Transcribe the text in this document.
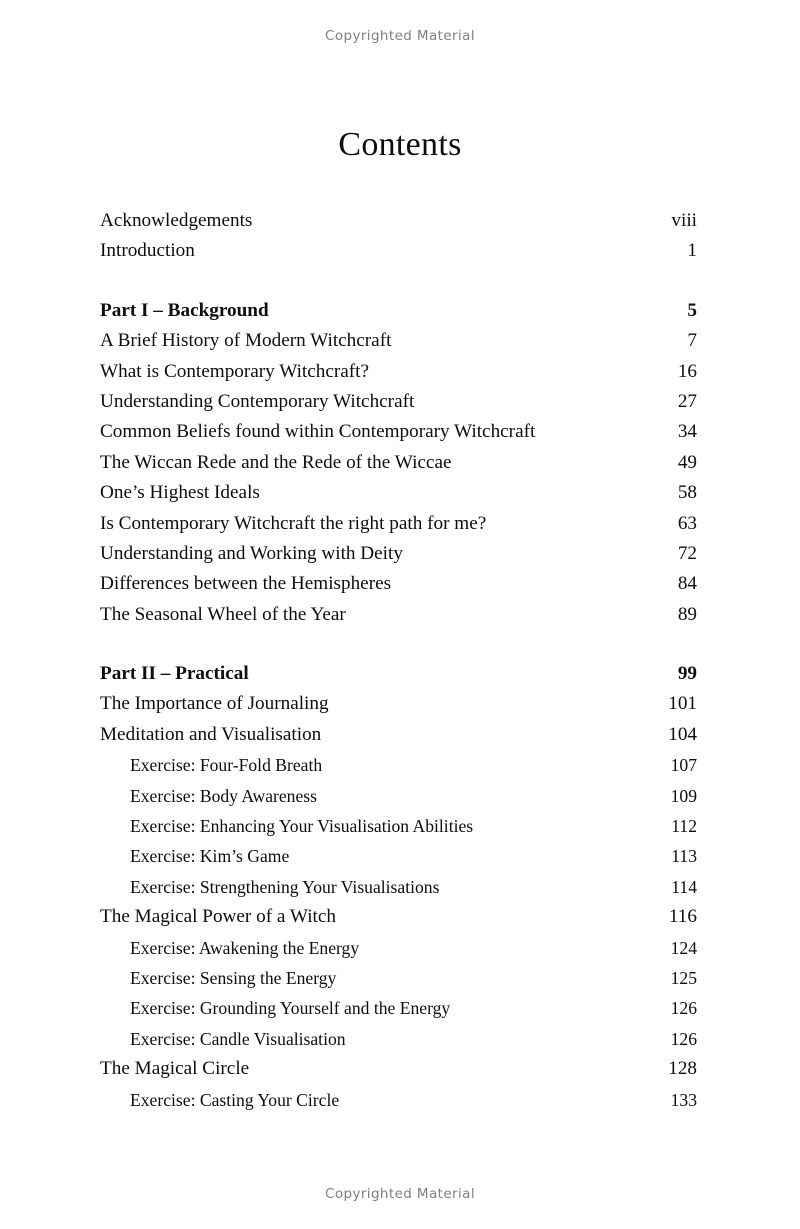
Copyrighted Material
Contents
Acknowledgements	viii
Introduction	1
Part I – Background	5
A Brief History of Modern Witchcraft	7
What is Contemporary Witchcraft?	16
Understanding Contemporary Witchcraft	27
Common Beliefs found within Contemporary Witchcraft	34
The Wiccan Rede and the Rede of the Wiccae	49
One’s Highest Ideals	58
Is Contemporary Witchcraft the right path for me?	63
Understanding and Working with Deity	72
Differences between the Hemispheres	84
The Seasonal Wheel of the Year	89
Part II – Practical	99
The Importance of Journaling	101
Meditation and Visualisation	104
Exercise: Four-Fold Breath	107
Exercise: Body Awareness	109
Exercise: Enhancing Your Visualisation Abilities	112
Exercise: Kim’s Game	113
Exercise: Strengthening Your Visualisations	114
The Magical Power of a Witch	116
Exercise: Awakening the Energy	124
Exercise: Sensing the Energy	125
Exercise: Grounding Yourself and the Energy	126
Exercise: Candle Visualisation	126
The Magical Circle	128
Exercise: Casting Your Circle	133
Copyrighted Material
